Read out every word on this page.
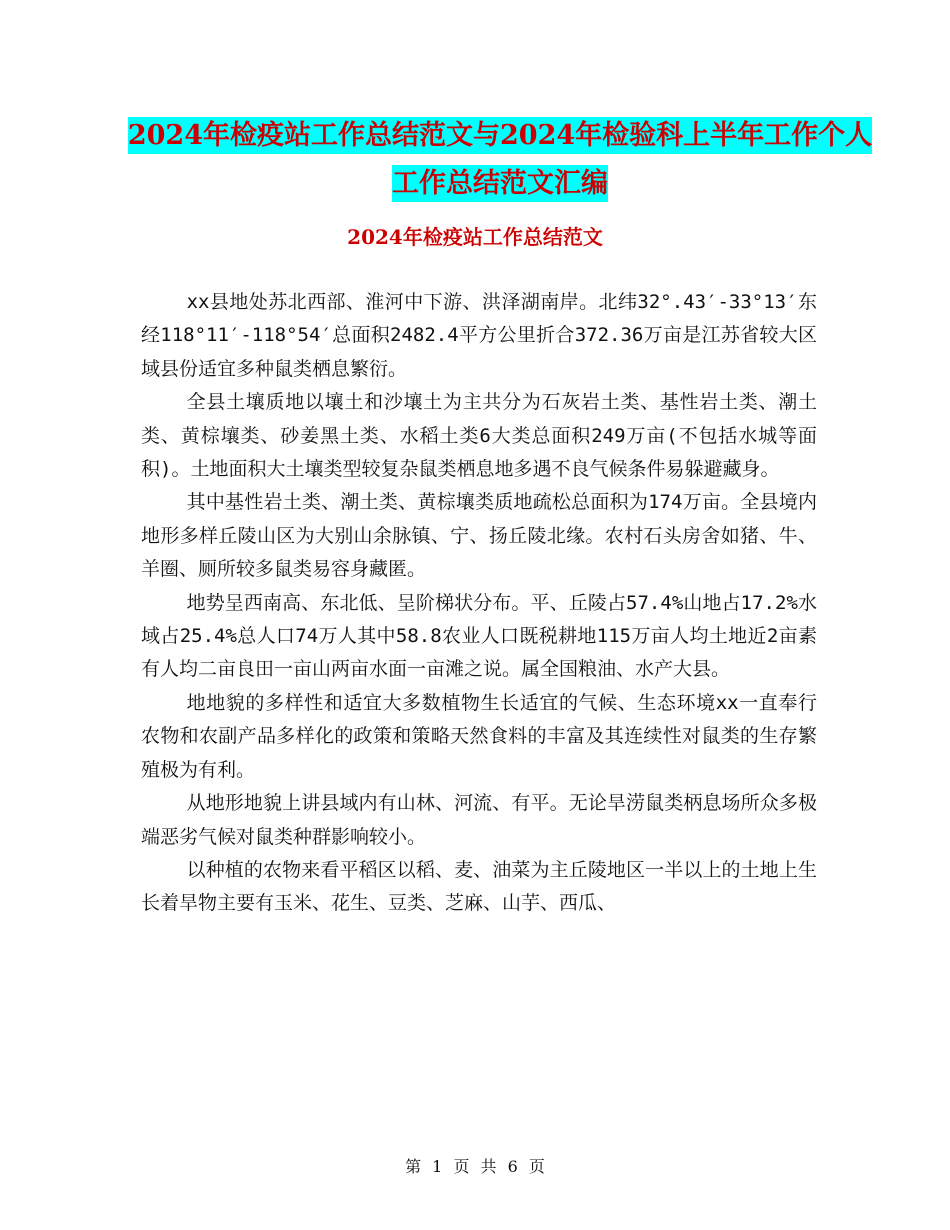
2024年检疫站工作总结范文与2024年检验科上半年工作个人工作总结范文汇编
2024年检疫站工作总结范文

xx县地处苏北西部、淮河中下游、洪泽湖南岸。北纬32°.43′-33°13′东经118°11′-118°54′总面积2482.4平方公里折合372.36万亩是江苏省较大区域县份适宜多种鼠类栖息繁衍。

全县土壤质地以壤土和沙壤土为主共分为石灰岩土类、基性岩土类、潮土类、黄棕壤类、砂姜黑土类、水稻土类6大类总面积249万亩(不包括水城等面积)。土地面积大土壤类型较复杂鼠类栖息地多遇不良气候条件易躲避藏身。

其中基性岩土类、潮土类、黄棕壤类质地疏松总面积为174万亩。全县境内地形多样丘陵山区为大别山余脉镇、宁、扬丘陵北缘。农村石头房舍如猪、牛、羊圈、厕所较多鼠类易容身藏匿。

地势呈西南高、东北低、呈阶梯状分布。平、丘陵占57.4%山地占17.2%水域占25.4%总人口74万人其中58.8农业人口既税耕地115万亩人均土地近2亩素有人均二亩良田一亩山两亩水面一亩滩之说。属全国粮油、水产大县。

地地貌的多样性和适宜大多数植物生长适宜的气候、生态环境xx一直奉行农物和农副产品多样化的政策和策略天然食料的丰富及其连续性对鼠类的生存繁殖极为有利。

从地形地貌上讲县域内有山林、河流、有平。无论旱涝鼠类柄息场所众多极端恶劣气候对鼠类种群影响较小。

以种植的农物来看平稻区以稻、麦、油菜为主丘陵地区一半以上的土地上生长着旱物主要有玉米、花生、豆类、芝麻、山芋、西瓜、

第 1 页 共 6 页
